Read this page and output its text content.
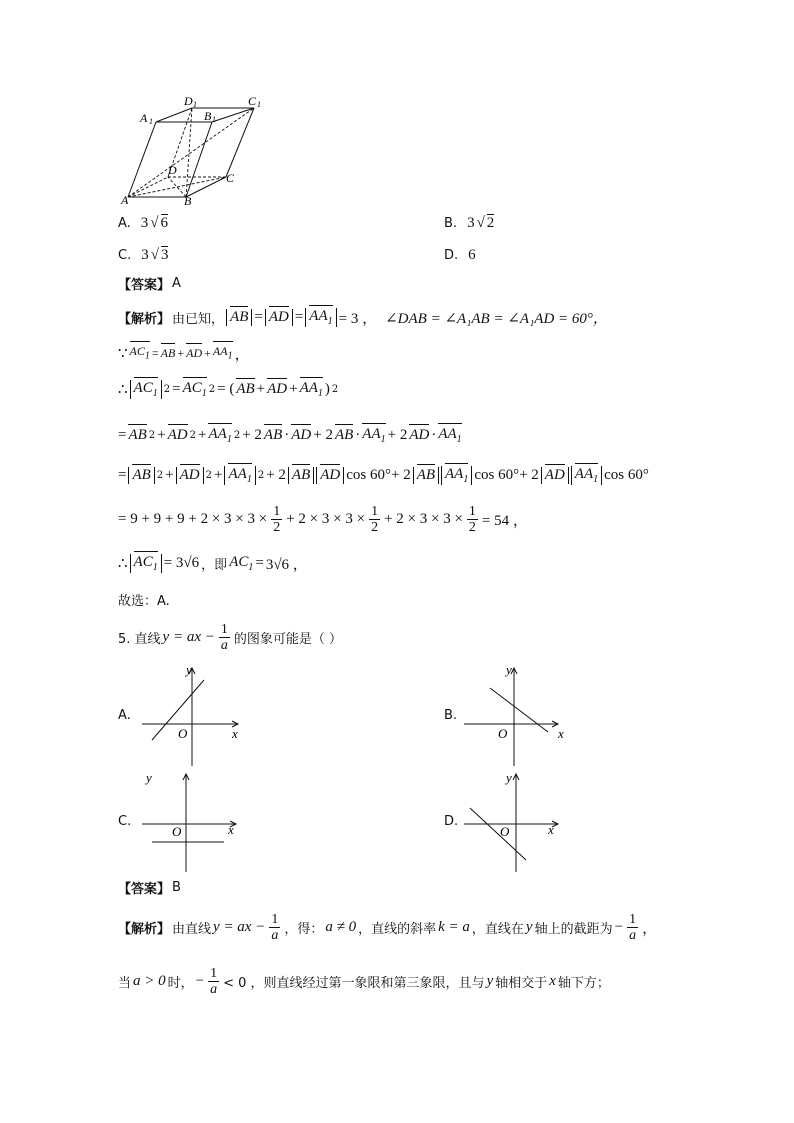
D 1	C 1
A 1	B 1
D
C
A	B
A. 3 √ 6	B. 3 √ 2
C. 3 √ 3	D. 6
【答案】 A
【解析】 由已知， AB = AD = $AA_1 = 3$ ， ∠DAB = ∠A₁AB = ∠A₁AD = 60°，
∵ $AC_1$ = AB + AD + $AA_1$ ，
∴ $AC_1$ $2 = AC_1$ 2 = ( AB + AD + $AA_1$ ) 2
= AB 2 + AD $2 + AA_1$ 2 + 2 AB · AD + 2 AB · $AA_1 + 2$ AD · $AA_1$
= AB 2 + AD $2 + AA_1$ 2 + 2 AB AD cos 60°+ 2 AB $AA_1$ cos 60°+ 2 AD $AA_1$ cos 60°
= $9 + 9 + 9 + 2 \times 3 \times 3 \times \frac{1}{2} + 2 \times 3 \times 3 \times \frac{1}{2} + 2 \times 3 \times 3 \times \frac{1}{2} = 54$ ，
∴ $AC_1 = 3√6$ ，即 $AC_1 = 3√6$ ，
故选：A.
5. 直线 y = ax − $\frac{1}{a}$ 的图象可能是（ ）
A.
y
x
O
B.
y
x
O
C.
y
x
O
D.
y
x
O
【答案】 B
【解析】 由直线 y = ax − $\frac{1}{a}$ ，得： a ≠ 0 ，直线的斜率 k = a ，直线在 y 轴上的截距为 − $\frac{1}{a}$ ，
当 a > 0 时， − $\frac{1}{a} < 0$ ，则直线经过第一象限和第三象限，且与 y 轴相交于 x 轴下方；
